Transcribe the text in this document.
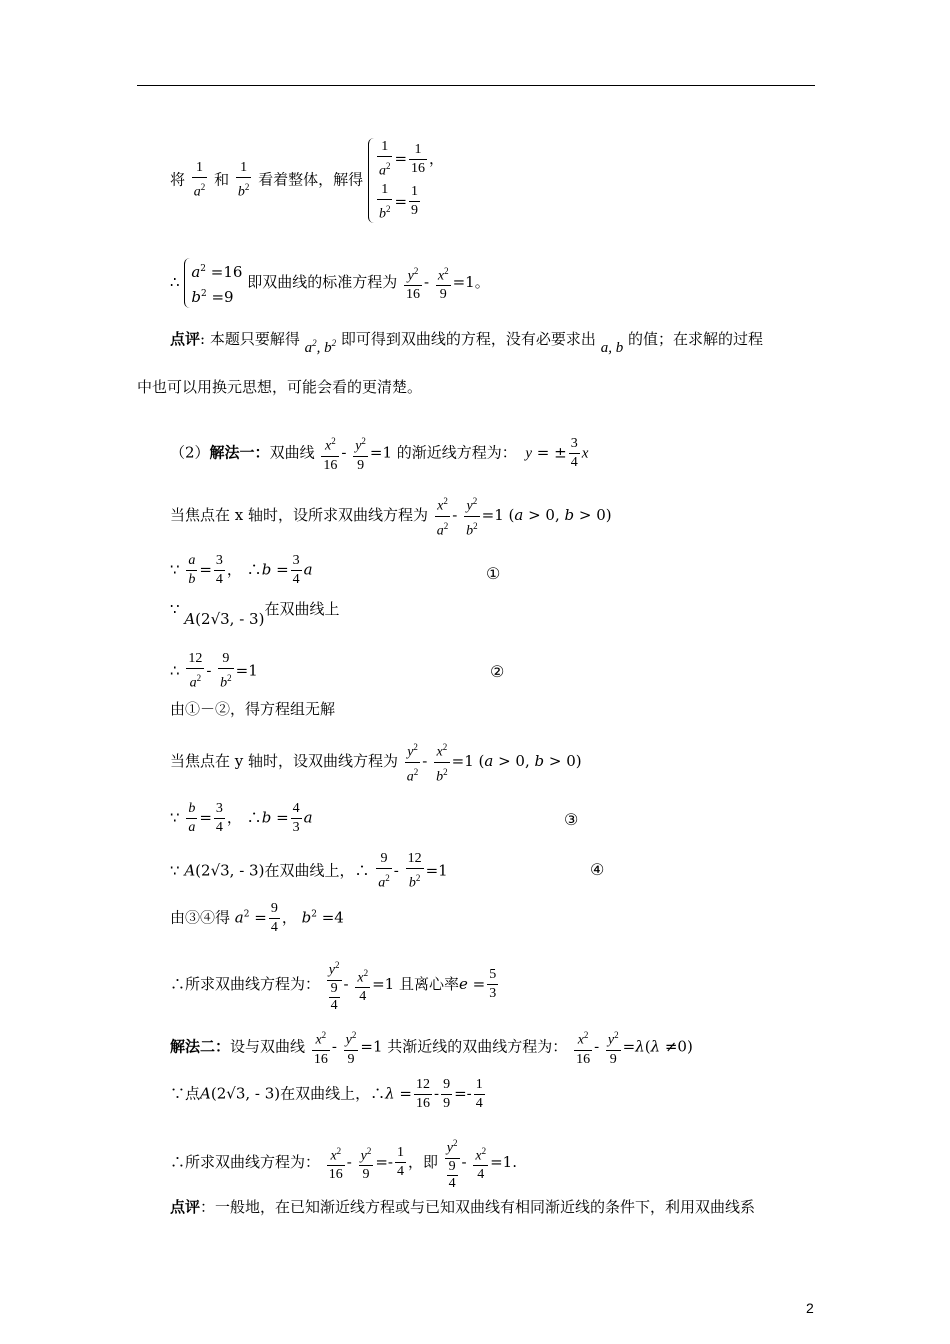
将 $\frac{1}{a^2}$ 和 $\frac{1}{b^2}$ 看着整体，解得 $\frac{1}{a^2} = \frac{1}{16}$ ，
$\frac{1}{b^2} = \frac{1}{9}$
∴
$a^2 =16$
$b^2 =9$
即双曲线的标准方程为 $\frac{y^2}{16} - \frac{x^2}{9} =1$。
点评: 本题只要解得 $a^2$, $b^2$ 即可得到双曲线的方程，没有必要求出 a, b 的值；在求解的过程
中也可以用换元思想，可能会看的更清楚。
（2）解法一：双曲线 $\frac{x^2}{16} - \frac{y^2}{9} =1$ 的渐近线方程为：  y = ± $\frac{3}{4}$ x
当焦点在 x 轴时，设所求双曲线方程为 $\frac{x^2}{a^2} - \frac{y^2}{b^2} =1$ (a > 0, b > 0)
∵ $\frac{a}{b} = \frac{3}{4}$ ， ∴b = $\frac{3}{4}$ a	①
∵ A(2√3, - 3)在双曲线上
∴ $\frac{12}{a^2} - \frac{9}{b^2} =1$	②
由①－②，得方程组无解
当焦点在 y 轴时，设双曲线方程为 $\frac{y^2}{a^2} - \frac{x^2}{b^2} =1$ (a > 0, b > 0)
∵ $\frac{b}{a} = \frac{3}{4}$ ， ∴b = $\frac{4}{3}$ a	③
∵ A(2√3, - 3)在双曲线上，∴ $\frac{9}{a^2} - \frac{12}{b^2} =1$	④
由③④得 $a^2 = \frac{9}{4}$ ， $b^2 =4$
∴所求双曲线方程为： $y^2$
9
$4 - \frac{x^2}{4} =1$ 且离心率$e = \frac{5}{3}$
解法二：设与双曲线 $\frac{x^2}{16} - \frac{y^2}{9} =1$ 共渐近线的双曲线方程为： $\frac{x^2}{16} - \frac{y^2}{9} =\lambda(\lambda \ne 0)$
∵点A(2√3, - 3)在双曲线上，∴λ = $\frac{12}{16} - \frac{9}{9} =- \frac{1}{4}$
∴所求双曲线方程为： $\frac{x^2}{16} - \frac{y^2}{9} =- \frac{1}{4}$ ，即 $y^2$
9
$4 - \frac{x^2}{4} =1$.
点评：一般地，在已知渐近线方程或与已知双曲线有相同渐近线的条件下，利用双曲线系
2
